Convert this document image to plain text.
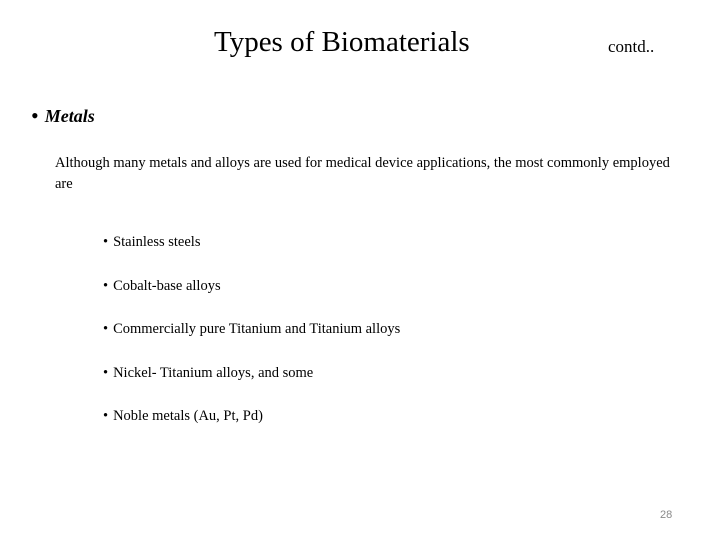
Types of Biomaterials	contd..
• Metals
Although many metals and alloys are used for medical device applications, the most commonly employed are
• Stainless steels
• Cobalt-base alloys
• Commercially pure Titanium and Titanium alloys
• Nickel- Titanium alloys, and some
• Noble metals (Au, Pt, Pd)
28
